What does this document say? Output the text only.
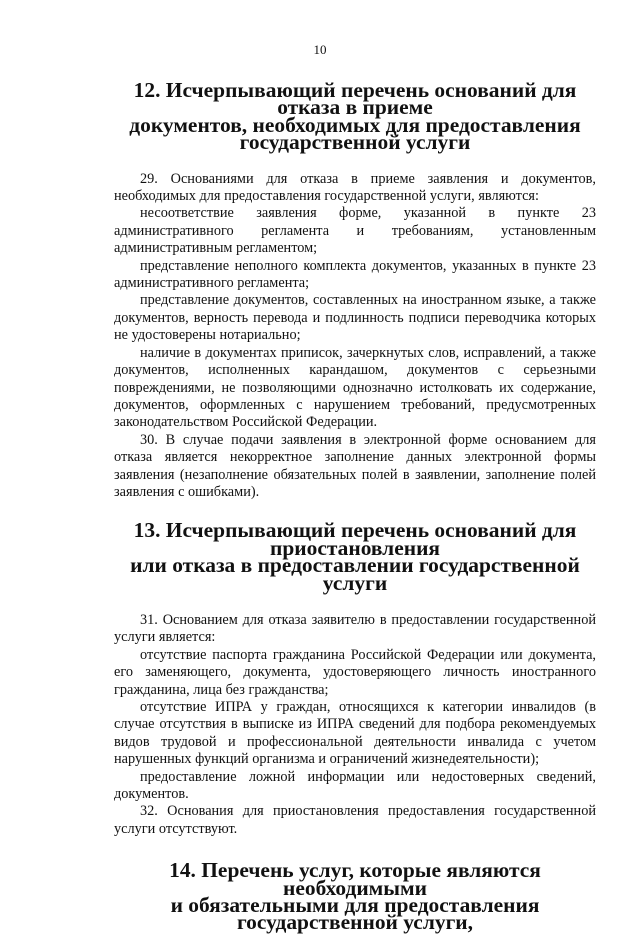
10
12. Исчерпывающий перечень оснований для отказа в приеме
документов, необходимых для предоставления
государственной услуги

29. Основаниями для отказа в приеме заявления и документов, необходимых для предоставления государственной услуги, являются:

несоответствие заявления форме, указанной в пункте 23 административного регламента и требованиям, установленным административным регламентом;

представление неполного комплекта документов, указанных в пункте 23 административного регламента;

представление документов, составленных на иностранном языке, а также документов, верность перевода и подлинность подписи переводчика которых не удостоверены нотариально;

наличие в документах приписок, зачеркнутых слов, исправлений, а также документов, исполненных карандашом, документов с серьезными повреждениями, не позволяющими однозначно истолковать их содержание, документов, оформленных с нарушением требований, предусмотренных законодательством Российской Федерации.

30. В случае подачи заявления в электронной форме основанием для отказа является некорректное заполнение данных электронной формы заявления (незаполнение обязательных полей в заявлении, заполнение полей заявления с ошибками).

13. Исчерпывающий перечень оснований для приостановления
или отказа в предоставлении государственной услуги

31. Основанием для отказа заявителю в предоставлении государственной услуги является:

отсутствие паспорта гражданина Российской Федерации или документа, его заменяющего, документа, удостоверяющего личность иностранного гражданина, лица без гражданства;

отсутствие ИПРА у граждан, относящихся к категории инвалидов (в случае отсутствия в выписке из ИПРА сведений для подбора рекомендуемых видов трудовой и профессиональной деятельности инвалида с учетом нарушенных функций организма и ограничений жизнедеятельности);

предоставление ложной информации или недостоверных сведений, документов.

32. Основания для приостановления предоставления государственной услуги отсутствуют.

14. Перечень услуг, которые являются необходимыми
и обязательными для предоставления государственной услуги,
